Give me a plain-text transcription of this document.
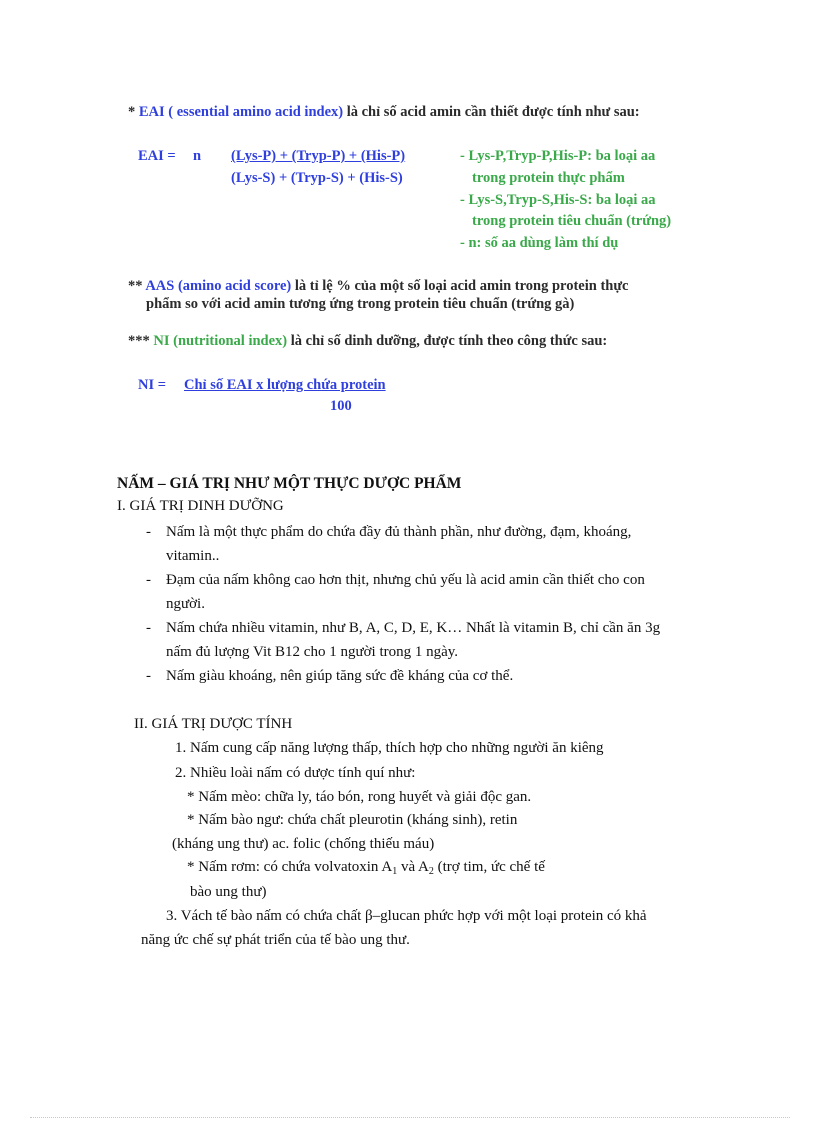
* EAI ( essential amino acid index) là chỉ số acid amin cần thiết được tính như sau:
EAI = n (Lys-P) + (Tryp-P) + (His-P)
(Lys-S) + (Tryp-S) + (His-S)
- Lys-P,Tryp-P,His-P: ba loại aa
trong protein thực phẩm
- Lys-S,Tryp-S,His-S: ba loại aa
trong protein tiêu chuẩn (trứng)
- n: số aa dùng làm thí dụ
** AAS (amino acid score) là tỉ lệ % của một số loại acid amin trong protein thực
phẩm so với acid amin tương ứng trong protein tiêu chuẩn (trứng gà)
*** NI (nutritional index) là chỉ số dinh dưỡng, được tính theo công thức sau:
NI = Chỉ số EAI x lượng chứa protein
100
NẤM – GIÁ TRỊ NHƯ MỘT THỰC DƯỢC PHẨM
I. GIÁ TRỊ DINH DƯỠNG
- Nấm là một thực phẩm do chứa đầy đủ thành phần, như đường, đạm, khoáng,
vitamin..
- Đạm của nấm không cao hơn thịt, nhưng chủ yếu là acid amin cần thiết cho con
người.
- Nấm chứa nhiều vitamin, như B, A, C, D, E, K… Nhất là vitamin B, chỉ cần ăn 3g
nấm đủ lượng Vit B12 cho 1 người trong 1 ngày.
- Nấm giàu khoáng, nên giúp tăng sức đề kháng của cơ thể.
II. GIÁ TRỊ DƯỢC TÍNH
1. Nấm cung cấp năng lượng thấp, thích hợp cho những người ăn kiêng
2. Nhiều loài nấm có dược tính quí như:
* Nấm mèo: chữa ly, táo bón, rong huyết và giải độc gan.
* Nấm bào ngư: chứa chất pleurotin (kháng sinh), retin
(kháng ung thư) ac. folic (chống thiếu máu)
* Nấm rơm: có chứa volvatoxin $A_1$ và $A_2$ (trợ tim, ức chế tế
bào ung thư)
3. Vách tế bào nấm có chứa chất β–glucan phức hợp với một loại protein có khả
năng ức chế sự phát triển của tế bào ung thư.
